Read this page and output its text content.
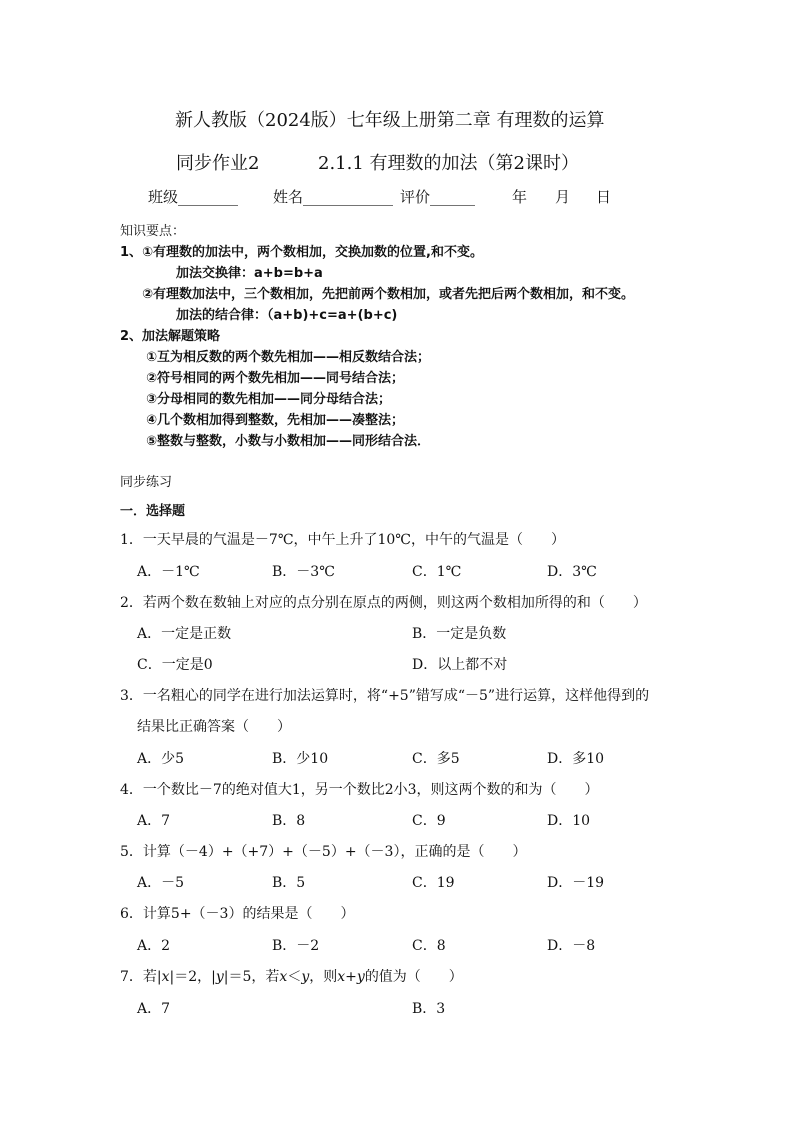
新人教版（2024版）七年级上册第二章 有理数的运算
同步作业2	2.1.1 有理数的加法（第2课时）
班级________ 姓名____________ 评价______ 年 月 日
知识要点：
1、①有理数的加法中，两个数相加，交换加数的位置,和不变。
加法交换律：a+b=b+a
②有理数加法中，三个数相加，先把前两个数相加，或者先把后两个数相加，和不变。
加法的结合律：（a+b)+c=a+(b+c)
2、加法解题策略
①互为相反数的两个数先相加——相反数结合法；
②符号相同的两个数先相加——同号结合法；
③分母相同的数先相加——同分母结合法；
④几个数相加得到整数，先相加——凑整法；
⑤整数与整数，小数与小数相加——同形结合法．
同步练习
一．选择题
1．一天早晨的气温是－7℃，中午上升了10℃，中午的气温是（　　）
A．－1℃	B．－3℃	C．1℃	D．3℃
2．若两个数在数轴上对应的点分别在原点的两侧，则这两个数相加所得的和（　　）
A．一定是正数	B．一定是负数
C．一定是0	D．以上都不对
3．一名粗心的同学在进行加法运算时，将“+5”错写成“－5”进行运算，这样他得到的
结果比正确答案（　　）
A．少5	B．少10	C．多5	D．多10
4．一个数比－7的绝对值大1，另一个数比2小3，则这两个数的和为（　　）
A．7	B．8	C．9	D．10
5．计算（－4）+（+7）+（－5）+（－3），正确的是（　　）
A．－5	B．5	C．19	D．－19
6．计算5+（－3）的结果是（　　）
A．2	B．－2	C．8	D．－8
7．若|x|＝2，|y|＝5，若x＜y，则x+y的值为（　　）
A．7	B．3
